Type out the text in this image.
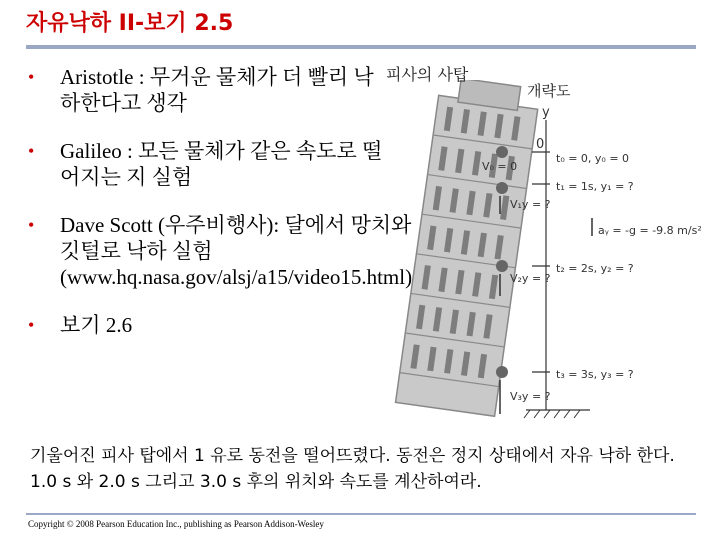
자유낙하 II-보기 2.5
•	Aristotle : 무거운 물체가 더 빨리 낙하한다고 생각
•	Galileo : 모든 물체가 같은 속도로 떨어지는 지 실험
•	Dave Scott (우주비행사): 달에서 망치와 깃털로 낙하 실험 (www.hq.nasa.gov/alsj/a15/video15.html)
•	보기 2.6
피사의 사탑
개략도
y
0
V₀ = 0
t₀ = 0, y₀ = 0
V₁y = ?
t₁ = 1s, y₁ = ?
aᵧ = -g = -9.8 m/s²
V₂y = ?
t₂ = 2s, y₂ = ?
V₃y = ?
t₃ = 3s, y₃ = ?
기울어진 피사 탑에서 1 유로 동전을 떨어뜨렸다. 동전은 정지 상태에서 자유 낙하 한다. 1.0 s 와 2.0 s 그리고 3.0 s 후의 위치와 속도를 계산하여라.
Copyright © 2008 Pearson Education Inc., publishing as Pearson Addison-Wesley
